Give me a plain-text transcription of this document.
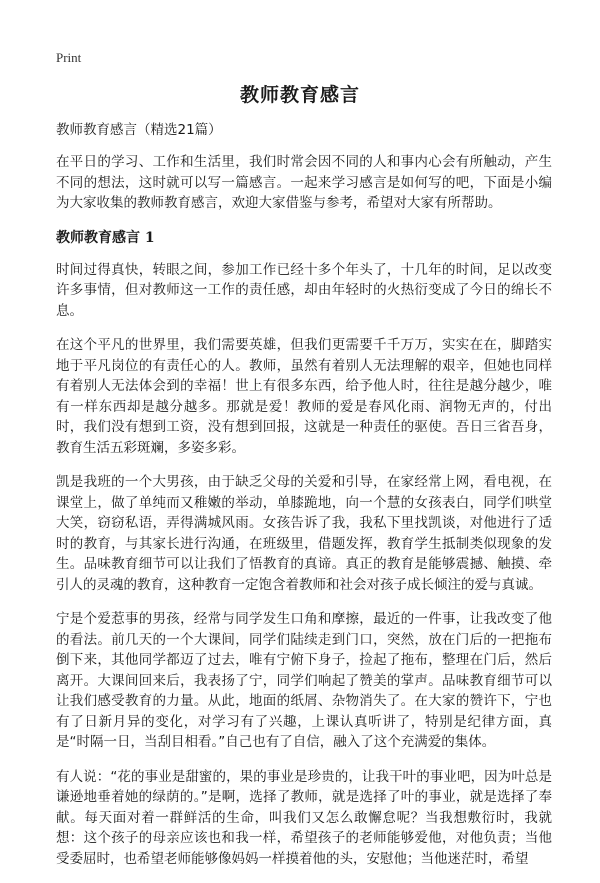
Print
教师教育感言
教师教育感言（精选21篇）

在平日的学习、工作和生活里，我们时常会因不同的人和事内心会有所触动，产生不同的想法，这时就可以写一篇感言。一起来学习感言是如何写的吧，下面是小编为大家收集的教师教育感言，欢迎大家借鉴与参考，希望对大家有所帮助。

教师教育感言 1

时间过得真快，转眼之间，参加工作已经十多个年头了，十几年的时间，足以改变许多事情，但对教师这一工作的责任感，却由年轻时的火热衍变成了今日的绵长不息。

在这个平凡的世界里，我们需要英雄，但我们更需要千千万万，实实在在，脚踏实地于平凡岗位的有责任心的人。教师，虽然有着别人无法理解的艰辛，但她也同样有着别人无法体会到的幸福！世上有很多东西，给予他人时，往往是越分越少，唯有一样东西却是越分越多。那就是爱！教师的爱是春风化雨、润物无声的，付出时，我们没有想到工资，没有想到回报，这就是一种责任的驱使。吾日三省吾身，教育生活五彩斑斓，多姿多彩。

凯是我班的一个大男孩，由于缺乏父母的关爱和引导，在家经常上网，看电视，在课堂上，做了单纯而又稚嫩的举动，单膝跪地，向一个慧的女孩表白，同学们哄堂大笑，窃窃私语，弄得满城风雨。女孩告诉了我，我私下里找凯谈，对他进行了适时的教育，与其家长进行沟通，在班级里，借题发挥，教育学生抵制类似现象的发生。品味教育细节可以让我们了悟教育的真谛。真正的教育是能够震撼、触摸、牵引人的灵魂的教育，这种教育一定饱含着教师和社会对孩子成长倾注的爱与真诚。

宁是个爱惹事的男孩，经常与同学发生口角和摩擦，最近的一件事，让我改变了他的看法。前几天的一个大课间，同学们陆续走到门口，突然，放在门后的一把拖布倒下来，其他同学都迈了过去，唯有宁俯下身子，捡起了拖布，整理在门后，然后离开。大课间回来后，我表扬了宁，同学们响起了赞美的掌声。品味教育细节可以让我们感受教育的力量。从此，地面的纸屑、杂物消失了。在大家的赞许下，宁也有了日新月异的变化，对学习有了兴趣，上课认真听讲了，特别是纪律方面，真是“时隔一日，当刮目相看。”自己也有了自信，融入了这个充满爱的集体。

有人说：“花的事业是甜蜜的，果的事业是珍贵的，让我干叶的事业吧，因为叶总是谦逊地垂着她的绿荫的。”是啊，选择了教师，就是选择了叶的事业，就是选择了奉献。每天面对着一群鲜活的生命，叫我们又怎么敢懈怠呢？当我想敷衍时，我就想：这个孩子的母亲应该也和我一样，希望孩子的老师能够爱他，对他负责；当他受委屈时，也希望老师能够像妈妈一样摸着他的头，安慰他；当他迷茫时，希望
